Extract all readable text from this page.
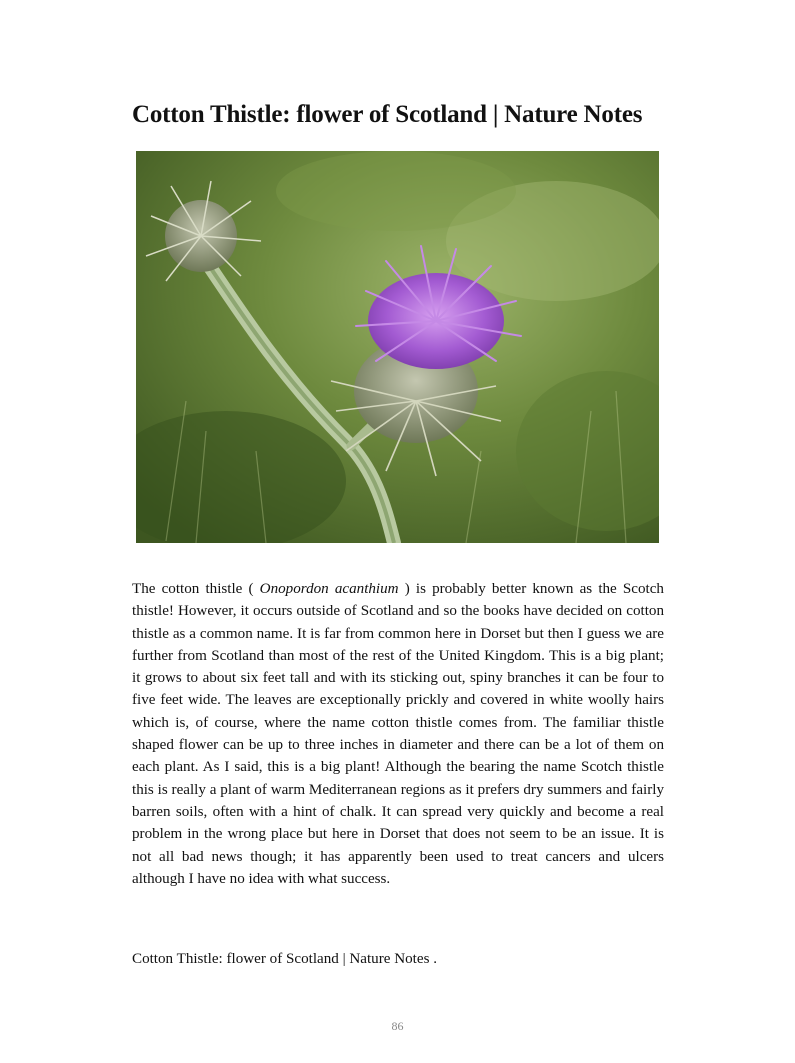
Cotton Thistle: flower of Scotland | Nature Notes

The cotton thistle ( Onopordon acanthium ) is probably better known as the Scotch thistle! However, it occurs outside of Scotland and so the books have decided on cotton thistle as a common name. It is far from common here in Dorset but then I guess we are further from Scotland than most of the rest of the United Kingdom. This is a big plant; it grows to about six feet tall and with its sticking out, spiny branches it can be four to five feet wide. The leaves are exceptionally prickly and covered in white woolly hairs which is, of course, where the name cotton thistle comes from. The familiar thistle shaped flower can be up to three inches in diameter and there can be a lot of them on each plant. As I said, this is a big plant! Although the bearing the name Scotch thistle this is really a plant of warm Mediterranean regions as it prefers dry summers and fairly barren soils, often with a hint of chalk. It can spread very quickly and become a real problem in the wrong place but here in Dorset that does not seem to be an issue. It is not all bad news though; it has apparently been used to treat cancers and ulcers although I have no idea with what success.

Cotton Thistle: flower of Scotland | Nature Notes .

86
